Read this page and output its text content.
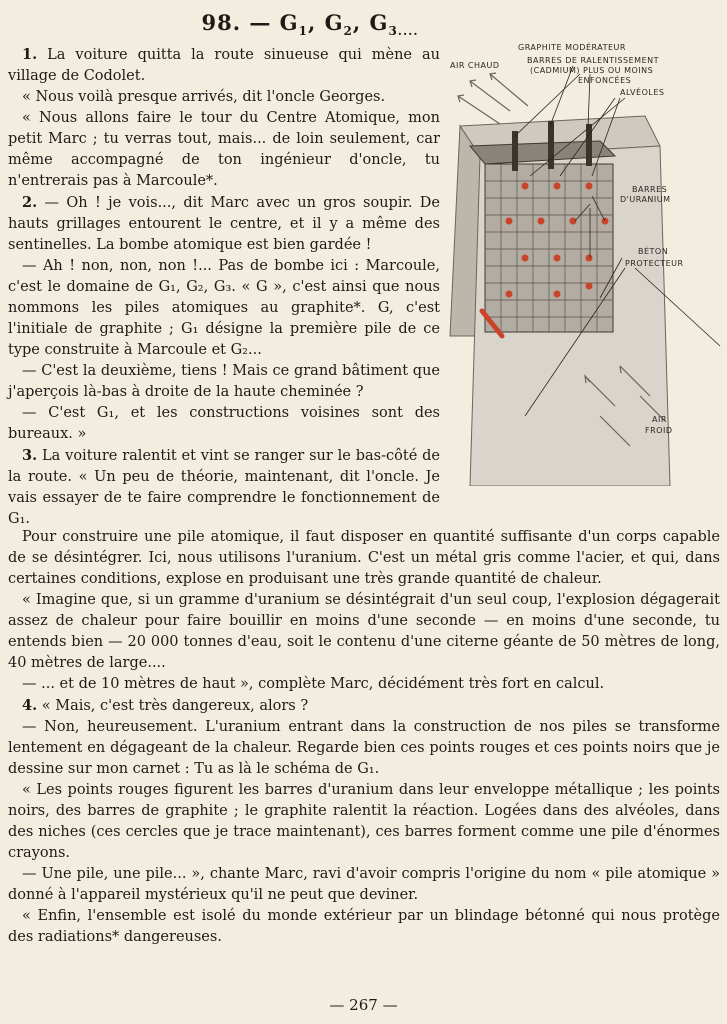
98. — $G_1$, $G_2$, $G_{3....}$

1. La voiture quitta la route sinueuse qui mène au village de Codolet.

« Nous voilà presque arrivés, dit l'oncle Georges.

« Nous allons faire le tour du Centre Atomique, mon petit Marc ; tu verras tout, mais... de loin seulement, car même accompagné de ton ingénieur d'oncle, tu n'entrerais pas à Marcoule*.

2. — Oh ! je vois..., dit Marc avec un gros soupir. De hauts grillages entourent le centre, et il y a même des sentinelles. La bombe atomique est bien gardée !

— Ah ! non, non, non !... Pas de bombe ici : Marcoule, c'est le domaine de G₁, G₂, G₃. « G », c'est ainsi que nous nommons les piles atomiques au graphite*. G, c'est l'initiale de graphite ; G₁ désigne la première pile de ce type construite à Marcoule et G₂...

— C'est la deuxième, tiens ! Mais ce grand bâtiment que j'aperçois là-bas à droite de la haute cheminée ?

— C'est G₁, et les constructions voisines sont des bureaux. »

3. La voiture ralentit et vint se ranger sur le bas-côté de la route. « Un peu de théorie, maintenant, dit l'oncle. Je vais essayer de te faire comprendre le fonctionnement de G₁.

GRAPHITE MODÉRATEUR
AIR CHAUD
BARRES DE RALENTISSEMENT
(CADMIUM) PLUS OU MOINS
ENFONCÉES
ALVÉOLES
BARRES
D'URANIUM
BÉTON
PROTECTEUR
AIR
FROID

Pour construire une pile atomique, il faut disposer en quantité suffisante d'un corps capable de se désintégrer. Ici, nous utilisons l'uranium. C'est un métal gris comme l'acier, et qui, dans certaines conditions, explose en produisant une très grande quantité de chaleur.

« Imagine que, si un gramme d'uranium se désintégrait d'un seul coup, l'explosion dégagerait assez de chaleur pour faire bouillir en moins d'une seconde — en moins d'une seconde, tu entends bien — 20 000 tonnes d'eau, soit le contenu d'une citerne géante de 50 mètres de long, 40 mètres de large....

— ... et de 10 mètres de haut », complète Marc, décidément très fort en calcul.

4. « Mais, c'est très dangereux, alors ?

— Non, heureusement. L'uranium entrant dans la construction de nos piles se transforme lentement en dégageant de la chaleur. Regarde bien ces points rouges et ces points noirs que je dessine sur mon carnet : Tu as là le schéma de G₁.

« Les points rouges figurent les barres d'uranium dans leur enveloppe métallique ; les points noirs, des barres de graphite ; le graphite ralentit la réaction. Logées dans des alvéoles, dans des niches (ces cercles que je trace maintenant), ces barres forment comme une pile d'énormes crayons.

— Une pile, une pile... », chante Marc, ravi d'avoir compris l'origine du nom « pile atomique » donné à l'appareil mystérieux qu'il ne peut que deviner.

« Enfin, l'ensemble est isolé du monde extérieur par un blindage bétonné qui nous protège des radiations* dangereuses.

— 267 —
